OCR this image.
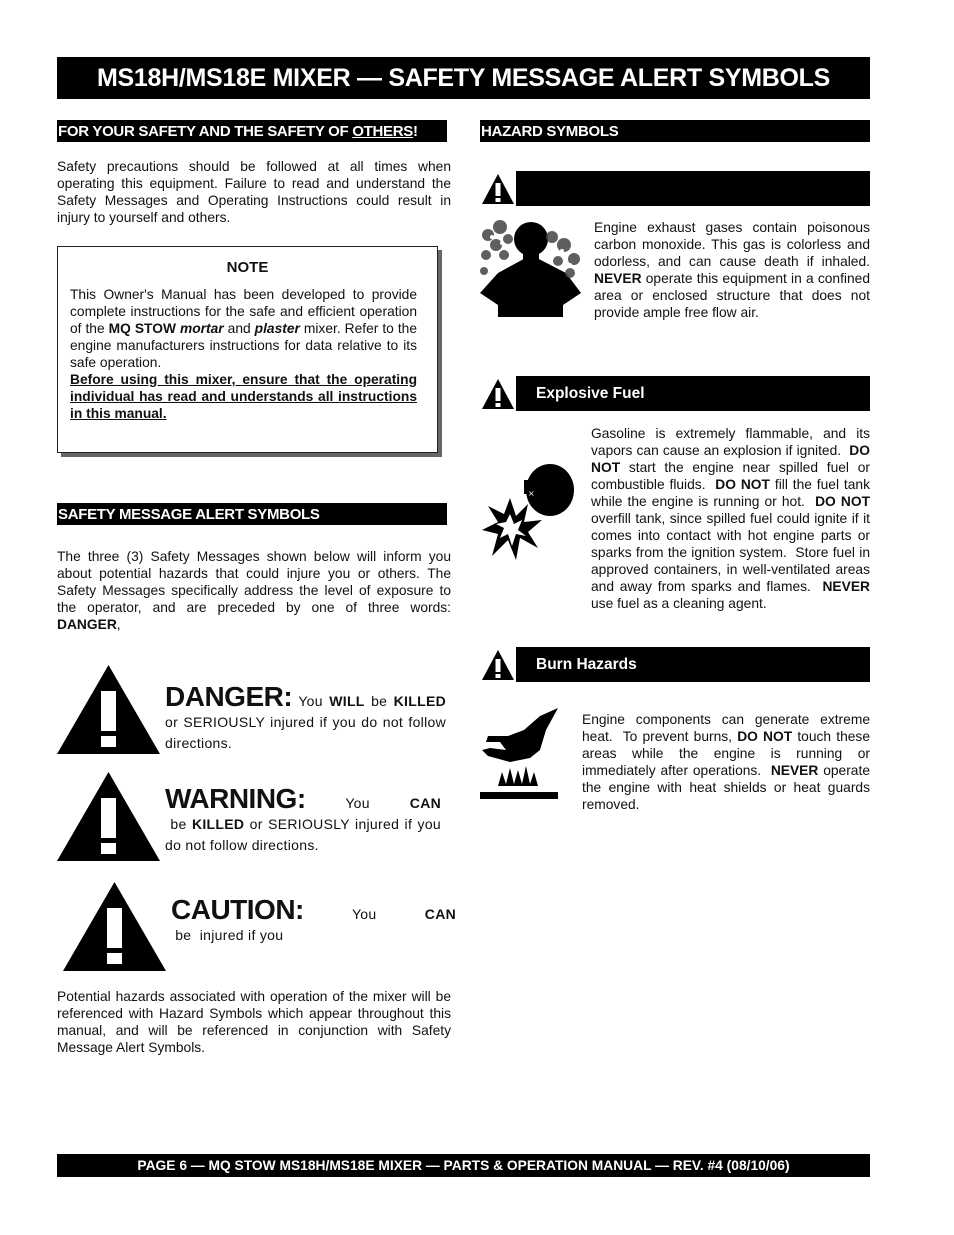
MS18H/MS18E MIXER — SAFETY MESSAGE ALERT SYMBOLS
FOR YOUR SAFETY AND THE SAFETY OF OTHERS !
Safety precautions should be followed at all times when operating this equipment. Failure to read and understand the Safety Messages and Operating Instructions could result in injury to yourself and others.
NOTE
This Owner's Manual has been developed to provide complete instructions for the safe and efficient operation of the MQ STOW mortar and plaster mixer. Refer to the engine manufacturers instructions for data relative to its safe operation.
Before using this mixer, ensure that the operating individual has read and understands all instructions in this manual.
SAFETY MESSAGE ALERT SYMBOLS
The three (3) Safety Messages shown below will inform you about potential hazards that could injure you or others. The Safety Messages specifically address the level of exposure to the operator, and are preceded by one of three words: DANGER,
DANGER: You WILL be KILLED or SERIOUSLY injured if you do not follow directions.
WARNING:	You CAN be KILLED or SERIOUSLY injured if you do not follow directions.
CAUTION:	You CAN be  injured if you
Potential hazards associated with operation of the mixer will be referenced with Hazard Symbols which appear throughout this manual, and will be referenced in conjunction with Safety Message Alert Symbols.
HAZARD SYMBOLS
Engine exhaust gases contain poisonous carbon monoxide. This gas is colorless and odorless, and can cause death if inhaled. NEVER operate this equipment in a confined area or enclosed structure that does not provide ample free flow air.
Explosive Fuel
×
Gasoline is extremely flammable, and its vapors can cause an explosion if ignited.  DO NOT start the engine near spilled fuel or combustible fluids.  DO NOT fill the fuel tank while the engine is running or hot.  DO NOT overfill tank, since spilled fuel could ignite if it comes into contact with hot engine parts or sparks from the ignition system.  Store fuel in approved containers, in well-ventilated areas and away from sparks and flames.  NEVER use fuel as a cleaning agent.
Burn Hazards
Engine components can generate extreme heat.  To prevent burns, DO NOT touch these areas while the engine is running or immediately after operations.  NEVER operate the engine with heat shields or heat guards removed.
PAGE 6 — MQ STOW MS18H/MS18E MIXER — PARTS & OPERATION MANUAL — REV. #4 (08/10/06)
